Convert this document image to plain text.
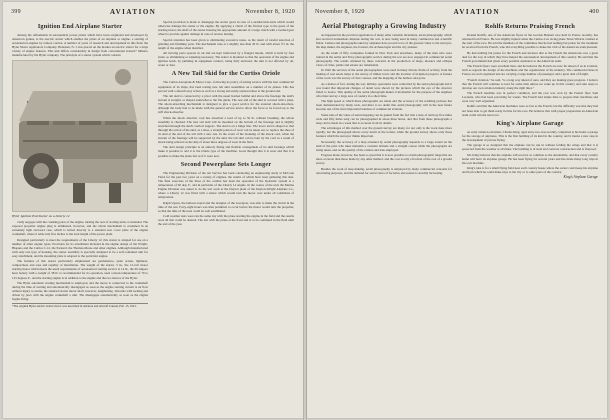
399	AVIATION	November 8, 1920
Ignition End Airplane Starter

Among the refinements in aeronautical power plants which have been originated and developed by American genius, is the electric starter which enables the pilots of an airplane or engine, a starting of aeronautical engines by remote control. A number of years of research and development in this field, the Hyler Motor Appliances Company, Hoboken, N. J. has placed on the market an electric starter for a large variety of engine features. This unit differs considerably in design from conventional starters* hitherto manufactured by the Hyler company. The principle of a starter system which consists

Hyler Ignition End Starter on a Liberty 12

vially engages with the cranking parts of the engine, turning the rear of starting units, is intended. The exposed propeller engine plug is eliminated, however, and the whole mechanism is contained in an extremely light enclosed case, which is bolted directly to a standard rear cover plate of the engine crankshaft, where it adds only five inches to the total length of the power plant.

Designed particularly to meet the requirements of the Liberty 12, this starter is adapted for use on a number of other engine types. Provision for its attachment included in the engine design of the Wright-Hispano and the Curtiss C-12, the Packard, the Thomas-Morse and other engines. Although manufactured with only one type of housing, the starter assembly is specially designed to be a self-contained unit for easy attachment, and the mounting plate is adapted to the particular engine.

The features of this starter particularly emphasized are permanence, quiet action, lightness, compactness and ease and rapidity of installation. The weight of the starter, 3 in., the 12-volt motor starting motor which meets the usual requirements of aeronautical starting service is 14 lb., the 60 ampere hour battery with a weight of 38 lb. is recommended for its operation, used a mean temperature of 70 to 125 degrees F., and the starting engine is in addition to the engine and the two motors of the Hyler.

The Hyler automatic starting mechanism is employed, and the motor is connected to the crankshaft during the time of starting and automatically disengaged as soon as the engine starting current is on flow without injury to starter, the standard starter motor shaft, however, lengthening. Jam nuts with locking and driven by jaws with the engine crankshaft a unit. The disengages automatically as soon as the engine begins firing.

*The original Hyler electric starter motor was described in Aviation and Aircraft Journal, Feb. 15, 1921.

Special provision is made to disengage the starter gears in case of a sudden kick-back which would otherwise damage the starter or the engine. By applying a clutch of the friction type to the gears of the starting motor, the shaft of the starter housing the appropriate amount of a large clutch with a toothed gear wheel to provide against damage in case of reverse turning.

Special attention has been given to eliminating excessive noise, as the result of careful selection of grinding and finishing parts. The mechanism runs at a slightly less than 20 lb. and with about 3½ in. the length of the engine when installed.

All moving parts operate in oil and are kept lubricated by a flanged mount, which is held by four studs, so eliminating or adjusting necessary. The starter is mounted so that the operation of the engine and ignition leads, by jamming in equipment connect, being fully enclosed, the unit is not affected by oil, water or dust.

A New Tail Skid for the Curtiss Oriole

The Curtiss Aeroplane & Motor Corp., following its policy of testing service with the best commercial equipment of its ships, has been testing new tail skid assemblies on a number of its planes. This has proved with a smooth easy action as well as a strong and easily-replaced shoe at the ground end.

The tail skid is connected by a pivot with the usual bracket behind and above the fuselage the skid's bottom is straight, or shaped somewhat to the flat guide. The rear end of the skid is covered with a plate. The shock-absorbing mechanism is designed to give a good service for the external shock-absorbers, although the body had to be made with the general service and to allow the force to be forced up to the stiff shock-absorber.

When the shock absorber cord has absorbed a load of up to 50 lb. without breaking, the whole assembly is checked. The new tail skid will be mounted on the bottom of the fuselage and is slightly stretched through the skid's vertical support. The skid is on a hinge line. The lower end is shaped so that through the action of the skid, as a shoe, a straight portion of wear can be taken out, to replace the shoe of its skid at the end of the tail with a new one. In the event of the breaking of the shock cord, when the bottom of the fuselage will be supported by the skid, the tail skid can be bent by the cord as a result of shock being relieved as the ship of about three degrees of wear in the field.

The skid design principle is an entirely fitting and flexible arrangement of its skid bearings which make it possible to add it to the Oriole type of the machine. Good thought that it is wear and that it is possible to make the plane fast as if it were new.

Second Powerplane Sets Longer

The Engineering Division of the Air Service has been conducting an engineering study at McCook Field, for the past two years on a variety of engines, the results of which have been gathering this data. The final exercises of the three of the combat has been the operation of the hydraulic system at a temperature of 60 deg. F., and in particular of the Liberty 12 engine. In the course of the tests the Marine Engine Division was asked to do the test work at the Dayton plant of the Dayton-Wright Airplane Co., where a Liberty 12 was fitted with a starter which would turn the motor over under all conditions of temperature.

Ralph Upson, the balloon expert and the designer of the Goodyear, was able to make the circuit in the time of the test. Forty-eight hours was then permitted to occur before the motor would turn the propeller, so that the time of the tests could be well established.

Cold weather tests were run the same day with the plane starting the engine in the field and the results were all that could be desired. The test with the plane at the front end is to be continued in the field until the end of the year.

November 8, 1920	AVIATION	400
Aerial Photography a Growing Industry

As happened in the practical application of many other valuable inventions, aerial photography, which had received tremendous impetus during the war, is now being used in many commercial and scientific fields. Camera and photographs taken by airplanes have proved to be of the greatest value to the surveyor, the map maker, the engineer, the forester, the archaeologist and the city planner.

As the result of fifty companies formed in New York and elsewhere, many of the men who were trained in the Army and Navy photographic service during the war are now engaged in commercial aerial photography. The results obtained by these concerns in the production of maps, mosaics and oblique views of cities, plants and estates are remarkable.

In 1920 the services of the aerial photographers were used in many diverse fields of activity, from the making of real estate maps to the survey of timber tracts and the location of irrigation projects. A feature of the work was the survey of river courses, and the mapping of the harbors and ports.

As a matter of fact, during the war, military operations were controlled by the aerial photograph and it was found that important changes of detail were shown by the pictures which the eye of the observer failed to notice. This quality of the aerial photograph makes it invaluable for the purpose of the engineer who must survey a large area of country in a short time.

The high speed at which these photographs are made and the accuracy of the resulting pictures has been demonstrated by many tests, and there is no doubt that aerial photography will in the near future become one of the most important branches of commercial aviation.

Some idea of the value of aerial mapping can be gained from the fact that a strip of territory five miles wide and fifty miles long can be photographed in about three hours, and that from these photographs a map can be made in a week that is accurate in all its details.

The advantages of this method over the ground survey are many, for not only is the work done more rapidly, but the photograph shows every detail of the terrain, while the ground survey shows only those features which the surveyor thinks important.

Necessarily the accuracy of a map obtained by aerial photography depends to a large extent on the skill of the pilot who must maintain a constant altitude and a straight course while the photographs are being taken, and on the quality of the camera and lens employed.

Progress made, however, has been so great that it is now possible to obtain photographic maps that are more accurate than those made by any other method, and the cost is only a fraction of the cost of a ground survey.

Besides the work of map making, aerial photography is employed by many commercial concerns for advertising purposes, and the demand for aerial views of factories and estates is steadily increasing.

Rohlfs Returns Praising French

Roland Rohlfs, one of the American flyers in the Gordon Bennett race held in France recently, has returned from France. He was slightly injured when the Curtiss-Cox racing plane Texas Wildcat crashed at the start of the race. He told the members of the committee that he had nothing but praise for the treatment he received from the French, who did everything possible to make the visit of the American team pleasant.

He had nothing but praise for the French and declares that to the French the Americans owe a great deal for the way in which they have helped the aeronautical development of this country. He said that the French government had given every possible assistance to the American team.

The French flyers were excellent men, and he believes the French are now far ahead of us in aviation, both as regards the design of the machines and the organization of the industry. The commercial lines in France are well organized and are carrying a large number of passengers and a great deal of freight.

"French aviation," he said, "is a long way ahead of ours, and they are making great progress. I believe that the French will continue to lead for some time unless we wake up in this country and take steps to develop our own aviation industry along the right lines."

The French machine was in perfect condition, and the race was won by the French flyer Sadi Lecointe, who had been practising for weeks. The French had ample time to prepare their machines and were very well organized.

Rohlfs said that the American machines were as fast as the French, but the difficulty was that they had not been able to get them ready in time for the race. He believes that with proper preparation an American team could win the next race.

King's Airplane Garage

At early aviation old-timer, Charles King, aged sixty-two, has recently completed at his home a garage for the storage of airplanes. This is the first building of its kind in the country, and it marks a new step in the development of private flying.

The garage is so designed that the airplane can be run in without folding the wings and that it is protected from the weather at all times. The building is of steel and concrete construction and is fireproof.

Mr. King believes that the airplane will soon be as common as the automobile, and that every country home will have its airplane garage. He has been flying for several years and has made many long trips in his own machine.

King's idea is for a small flying field near each country house where the owner could keep his airplane and from which he could make trips to the city or to other parts of the country.

King's Airplane Garage
